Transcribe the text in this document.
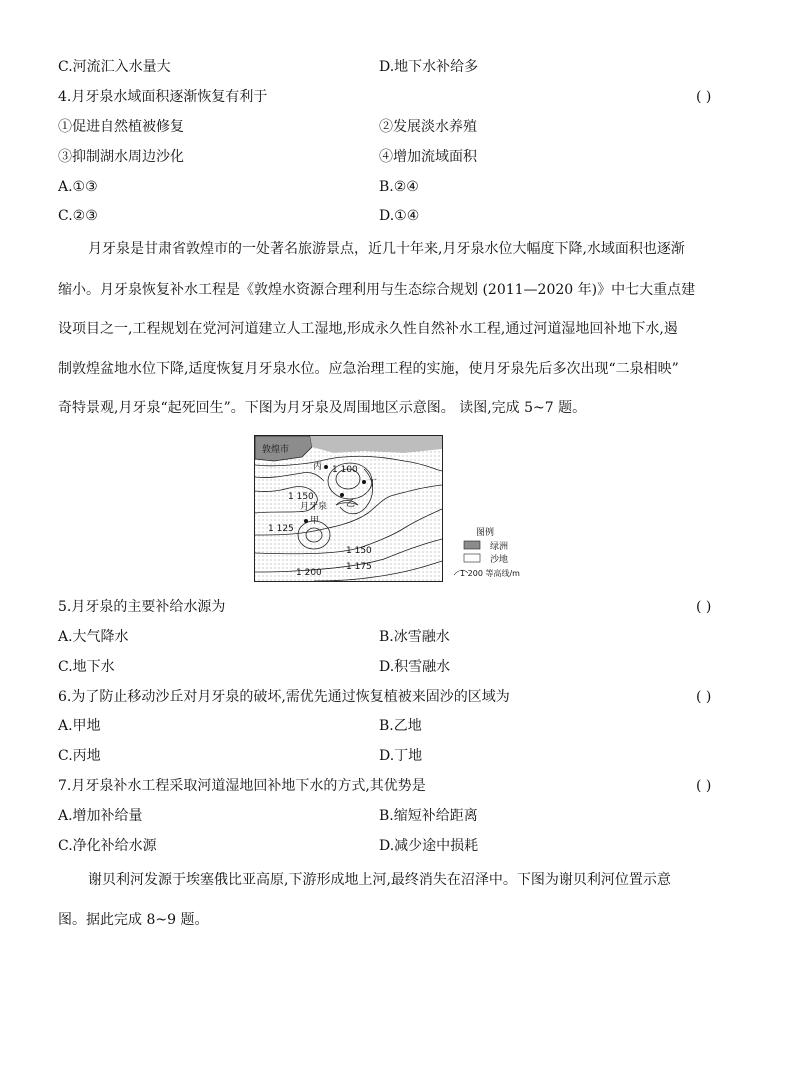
C.河流汇入水量大	D.地下水补给多
4.月牙泉水域面积逐渐恢复有利于	( )
①促进自然植被修复	②发展淡水养殖
③抑制湖水周边沙化	④增加流域面积
A.①③	B.②④
C.②③	D.①④
月牙泉是甘肃省敦煌市的一处著名旅游景点，近几十年来,月牙泉水位大幅度下降,水域面积也逐渐
缩小。月牙泉恢复补水工程是《敦煌水资源合理利用与生态综合规划 (2011—2020 年)》中七大重点建
设项目之一,工程规划在党河河道建立人工湿地,形成永久性自然补水工程,通过河道湿地回补地下水,遏
制敦煌盆地水位下降,适度恢复月牙泉水位。应急治理工程的实施，使月牙泉先后多次出现“二泉相映”
奇特景观,月牙泉“起死回生”。下图为月牙泉及周围地区示意图。 读图,完成 5~7 题。
敦煌市
丙
丁
乙
甲
月牙泉
1 100
1 150
1 125
1 150
1 175
1 200
图例
绿洲
沙地
1 200 等高线/m
5.月牙泉的主要补给水源为	( )
A.大气降水	B.冰雪融水
C.地下水	D.积雪融水
6.为了防止移动沙丘对月牙泉的破坏,需优先通过恢复植被来固沙的区域为	( )
A.甲地	B.乙地
C.丙地	D.丁地
7.月牙泉补水工程采取河道湿地回补地下水的方式,其优势是	( )
A.增加补给量	B.缩短补给距离
C.净化补给水源	D.减少途中损耗
谢贝利河发源于埃塞俄比亚高原,下游形成地上河,最终消失在沼泽中。下图为谢贝利河位置示意
图。据此完成 8~9 题。
